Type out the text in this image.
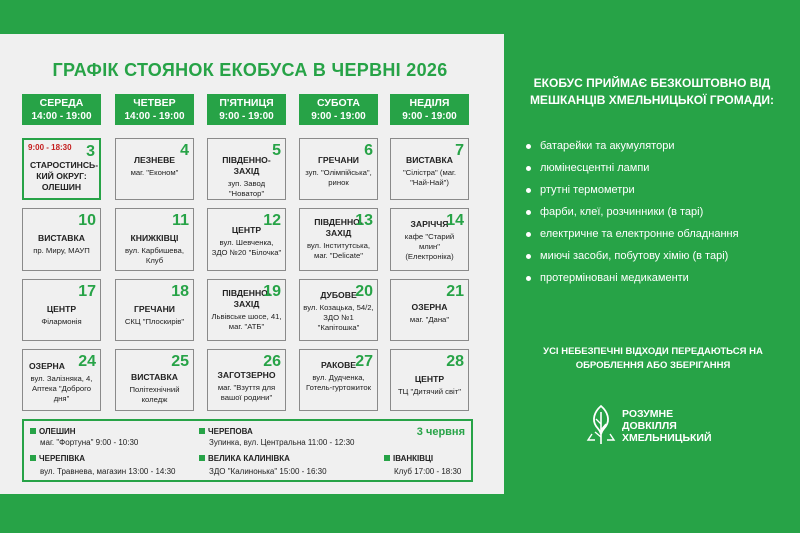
ГРАФІК СТОЯНОК ЕКОБУСА В ЧЕРВНІ 2026
СЕРЕДА
14:00 - 19:00
ЧЕТВЕР
14:00 - 19:00
П'ЯТНИЦЯ
9:00 - 19:00
СУБОТА
9:00 - 19:00
НЕДІЛЯ
9:00 - 19:00
9:00 - 18:30 3
СТАРОСТИНСЬ-КИЙ ОКРУГ: ОЛЕШИН
4
ЛЕЗНЕВЕ
маг. "Економ"
5
ПІВДЕННО-ЗАХІД
зуп. Завод "Новатор"
6
ГРЕЧАНИ
зуп. "Олімпійська", ринок
7
ВИСТАВКА
"Сілістра" (маг. "Най-Най")
10
ВИСТАВКА
пр. Миру, МАУП
11
КНИЖКІВЦІ
вул. Карбишева, Клуб
12
ЦЕНТР
вул. Шевченка, ЗДО №20 "Білочка"
13
ПІВДЕННО-ЗАХІД
вул. Інститутська, маг. "Delicate"
14
ЗАРІЧЧЯ
кафе "Старий млин" (Електроніка)
17
ЦЕНТР
Філармонія
18
ГРЕЧАНИ
СКЦ "Плоскирів"
19
ПІВДЕННО-ЗАХІД
Львівське шосе, 41, маг. "АТБ"
20
ДУБОВЕ
вул. Козацька, 54/2, ЗДО №1 "Капітошка"
21
ОЗЕРНА
маг. "Дана"
24
ОЗЕРНА
вул. Залізняка, 4, Аптека "Доброго дня"
25
ВИСТАВКА
Політехнічний коледж
26
ЗАГОТЗЕРНО
маг. "Взуття для вашої родини"
27
РАКОВЕ
вул. Дудченка, Готель-гуртожиток
28
ЦЕНТР
ТЦ "Дитячий світ"
3 червня
ОЛЕШИН
маг. "Фортуна" 9:00 - 10:30
ЧЕРЕПІВКА
вул. Травнева, магазин 13:00 - 14:30
ЧЕРЕПОВА
Зупинка, вул. Центральна 11:00 - 12:30
ВЕЛИКА КАЛИНІВКА
ЗДО "Калинонька" 15:00 - 16:30
ІВАНКІВЦІ
Клуб 17:00 - 18:30
ЕКОБУС ПРИЙМАЄ БЕЗКОШТОВНО ВІД МЕШКАНЦІВ ХМЕЛЬНИЦЬКОЇ ГРОМАДИ:
батарейки та акумулятори
люмінесцентні лампи
ртутні термометри
фарби, клеї, розчинники (в тарі)
електричне та електронне обладнання
миючі засоби, побутову хімію (в тарі)
протерміновані медикаменти
УСІ НЕБЕЗПЕЧНІ ВІДХОДИ ПЕРЕДАЮТЬСЯ НА ОБРОБЛЕННЯ АБО ЗБЕРІГАННЯ
РОЗУМНЕ
ДОВКІЛЛЯ
ХМЕЛЬНИЦЬКИЙ
